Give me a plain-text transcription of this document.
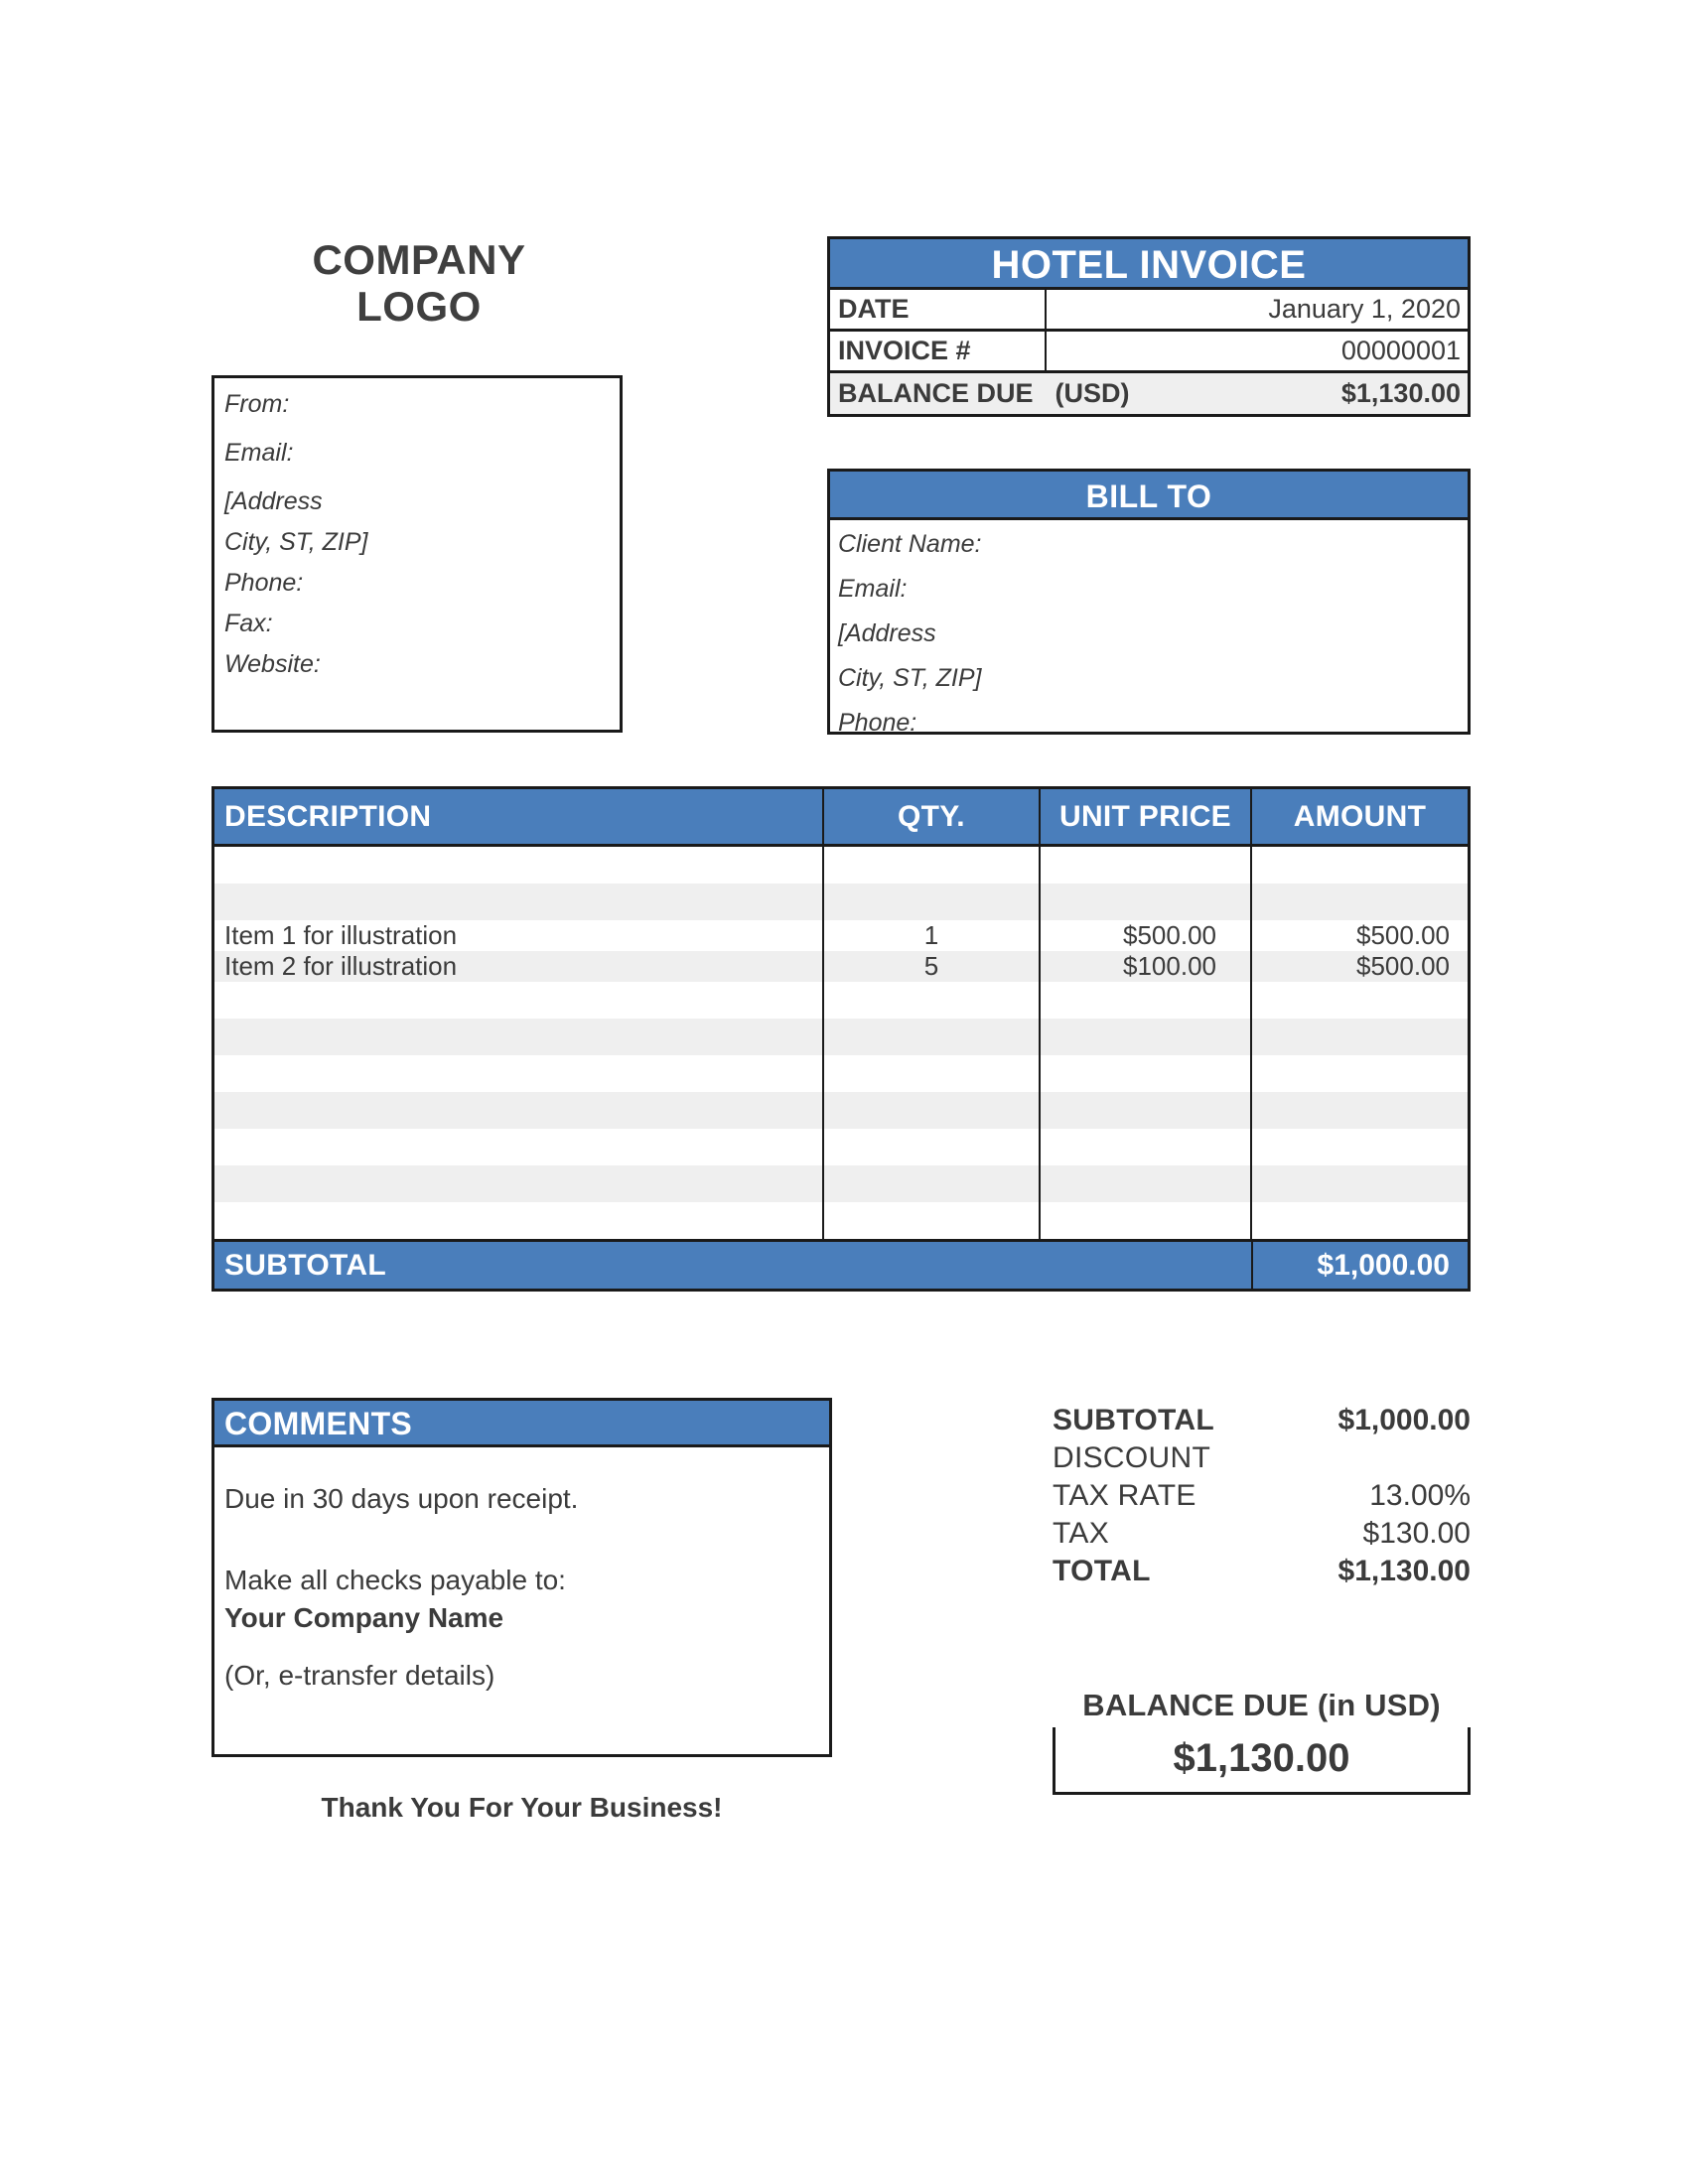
COMPANY
LOGO
From:
Email:
[Address
City, ST, ZIP]
Phone:
Fax:
Website:
HOTEL INVOICE
DATE	January 1, 2020
INVOICE #	00000001
BALANCE DUE (USD)	$1,130.00
BILL TO
Client Name:
Email:
[Address
City, ST, ZIP]
Phone:
DESCRIPTION	QTY.	UNIT PRICE	AMOUNT

Item 1 for illustration	1	$500.00	$500.00
Item 2 for illustration	5	$100.00	$500.00

SUBTOTAL	$1,000.00
COMMENTS
Due in 30 days upon receipt.
Make all checks payable to:
Your Company Name
(Or, e-transfer details)
Thank You For Your Business!
SUBTOTAL	$1,000.00
DISCOUNT
TAX RATE	13.00%
TAX	$130.00
TOTAL	$1,130.00
BALANCE DUE (in USD)
$1,130.00
